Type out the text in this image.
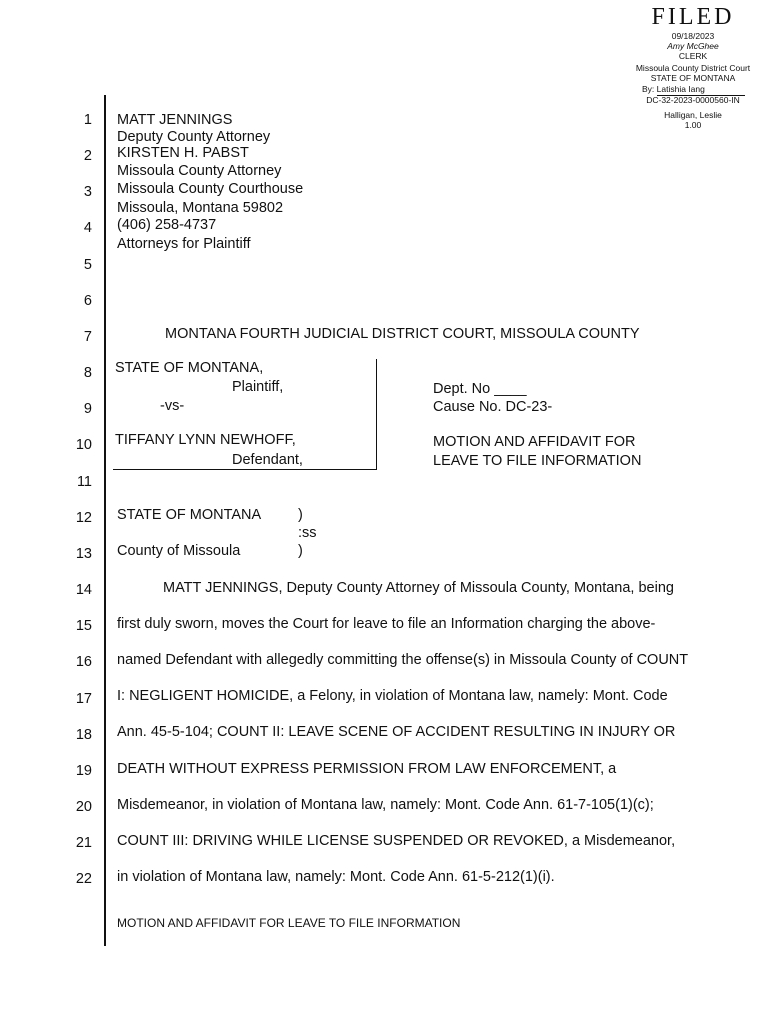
FILED
09/18/2023
Amy McGhee
CLERK
Missoula County District Court
STATE OF MONTANA
By: Latishia Iang
DC-32-2023-0000560-IN
Halligan, Leslie
1.00
1
2
3
4
5
6
7
8
9
10
11
12
13
14
15
16
17
18
19
20
21
22
MATT JENNINGS
Deputy County Attorney
KIRSTEN H. PABST
Missoula County Attorney
Missoula County Courthouse
Missoula, Montana 59802
(406) 258-4737
Attorneys for Plaintiff
MONTANA FOURTH JUDICIAL DISTRICT COURT, MISSOULA COUNTY
STATE OF MONTANA,
Plaintiff,
-vs-
TIFFANY LYNN NEWHOFF,
Defendant,
Dept. No ____
Cause No. DC-23-
MOTION AND AFFIDAVIT FOR
LEAVE TO FILE INFORMATION
STATE OF MONTANA	)
:ss
County of Missoula	)
MATT JENNINGS, Deputy County Attorney of Missoula County, Montana, being
first duly sworn, moves the Court for leave to file an Information charging the above-
named Defendant with allegedly committing the offense(s) in Missoula County of COUNT
I: NEGLIGENT HOMICIDE, a Felony, in violation of Montana law, namely: Mont. Code
Ann. 45-5-104; COUNT II: LEAVE SCENE OF ACCIDENT RESULTING IN INJURY OR
DEATH WITHOUT EXPRESS PERMISSION FROM LAW ENFORCEMENT, a
Misdemeanor, in violation of Montana law, namely: Mont. Code Ann. 61-7-105(1)(c);
COUNT III: DRIVING WHILE LICENSE SUSPENDED OR REVOKED, a Misdemeanor,
in violation of Montana law, namely: Mont. Code Ann. 61-5-212(1)(i).
MOTION AND AFFIDAVIT FOR LEAVE TO FILE INFORMATION
